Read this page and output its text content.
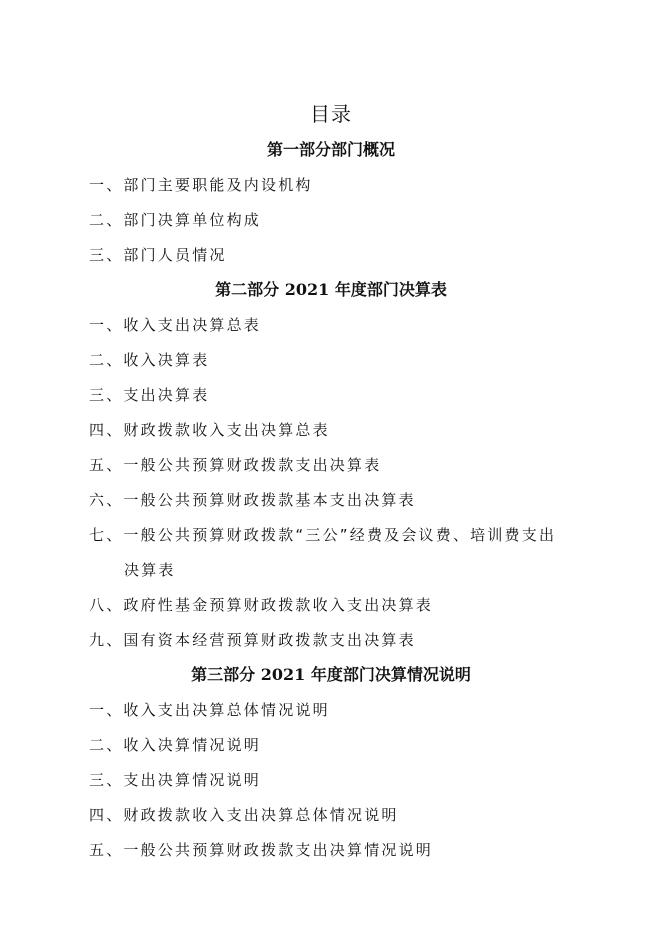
目录
第一部分部门概况
一、部门主要职能及内设机构
二、部门决算单位构成
三、部门人员情况
第二部分 2021 年度部门决算表
一、收入支出决算总表
二、收入决算表
三、支出决算表
四、财政拨款收入支出决算总表
五、一般公共预算财政拨款支出决算表
六、一般公共预算财政拨款基本支出决算表
七、一般公共预算财政拨款“三公”经费及会议费、培训费支出
决算表
八、政府性基金预算财政拨款收入支出决算表
九、国有资本经营预算财政拨款支出决算表
第三部分 2021 年度部门决算情况说明
一、收入支出决算总体情况说明
二、收入决算情况说明
三、支出决算情况说明
四、财政拨款收入支出决算总体情况说明
五、一般公共预算财政拨款支出决算情况说明
